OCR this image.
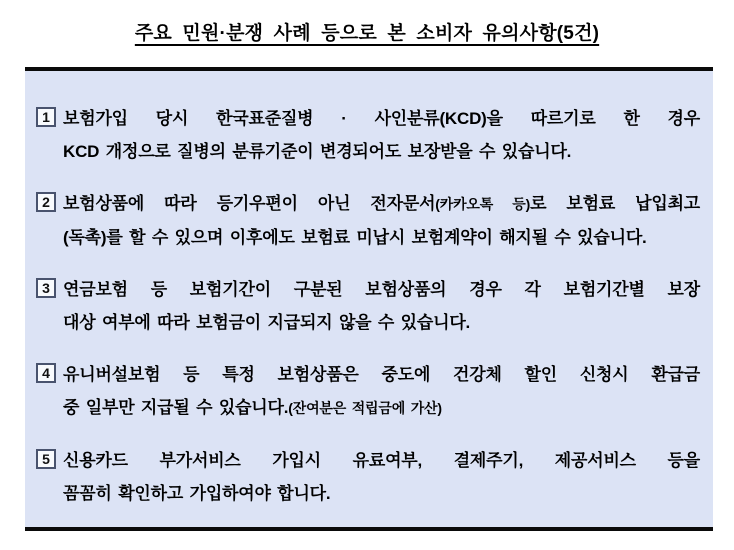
주요 민원·분쟁 사례 등으로 본 소비자 유의사항(5건)
1 보험가입 당시 한국표준질병 · 사인분류(KCD)을 따르기로 한 경우
KCD 개정으로 질병의 분류기준이 변경되어도 보장받을 수 있습니다.
2 보험상품에 따라 등기우편이 아닌 전자문서(카카오톡 등)로 보험료 납입최고
(독촉)를 할 수 있으며 이후에도 보험료 미납시 보험계약이 해지될 수 있습니다.
3 연금보험 등 보험기간이 구분된 보험상품의 경우 각 보험기간별 보장
대상 여부에 따라 보험금이 지급되지 않을 수 있습니다.
4 유니버설보험 등 특정 보험상품은 중도에 건강체 할인 신청시 환급금
중 일부만 지급될 수 있습니다.(잔여분은 적립금에 가산)
5 신용카드 부가서비스 가입시 유료여부, 결제주기, 제공서비스 등을
꼼꼼히 확인하고 가입하여야 합니다.
